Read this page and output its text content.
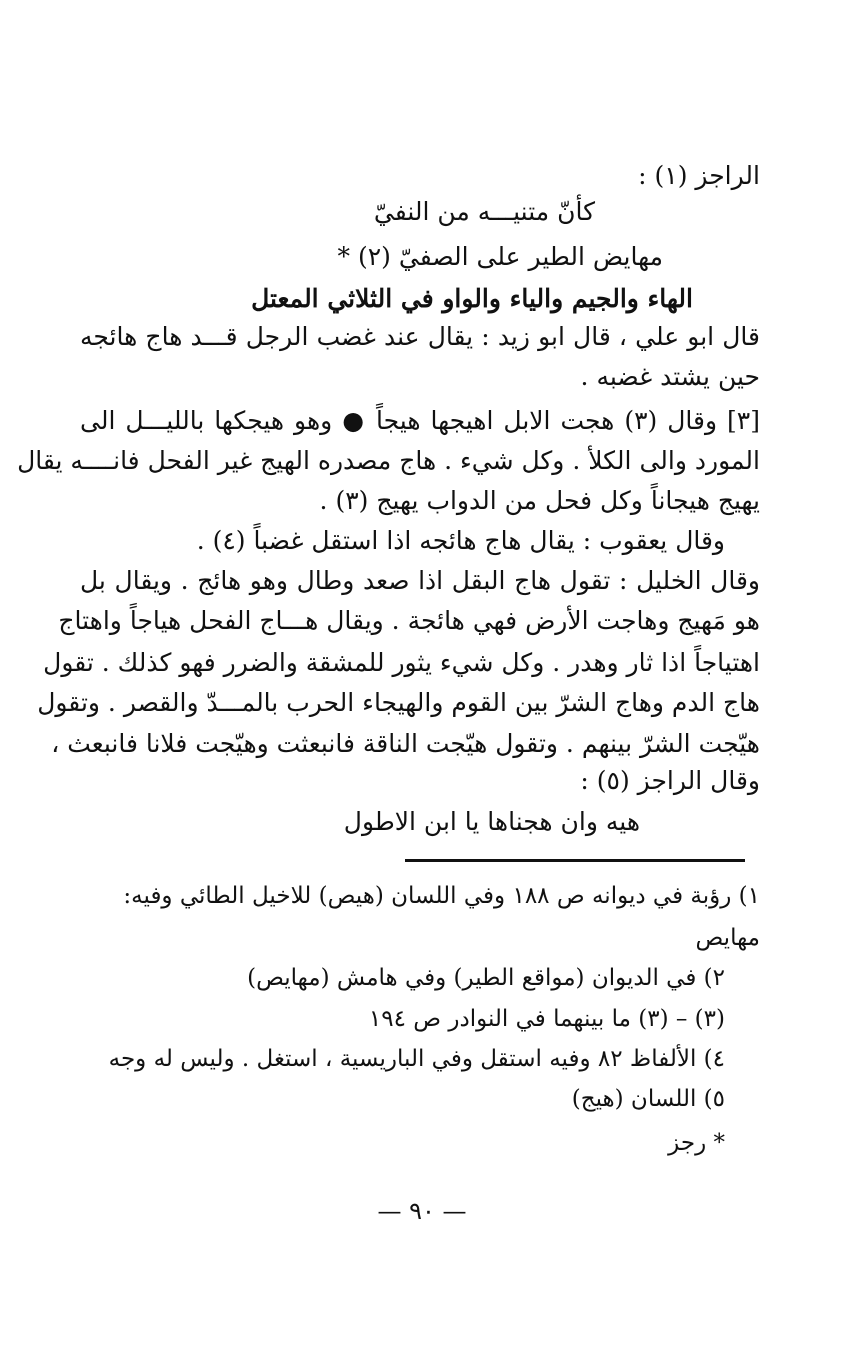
الراجز (١) :
كأنّ متنيـــه من النفيّ
مهايض الطير على الصفيّ (٢) *
الهاء والجيم والياء والواو في الثلاثي المعتل
قال ابو علي ، قال ابو زيد : يقال عند غضب الرجل قـــد هاج هائجه
حين يشتد غضبه .
[٣] وقال (٣) هجت الابل اهيجها هيجاً ● وهو هيجكها بالليـــل الى
المورد والى الكلأ . وكل شيء . هاج مصدره الهيج غير الفحل فانــــه يقال
يهيج هيجاناً وكل فحل من الدواب يهيج (٣) .
وقال يعقوب : يقال هاج هائجه اذا استقل غضباً (٤) .
وقال الخليل : تقول هاج البقل اذا صعد وطال وهو هائج . ويقال بل
هو مَهيج وهاجت الأرض فهي هائجة . ويقال هـــاج الفحل هياجاً واهتاج
اهتياجاً اذا ثار وهدر . وكل شيء يثور للمشقة والضرر فهو كذلك . تقول
هاج الدم وهاج الشرّ بين القوم والهيجاء الحرب بالمـــدّ والقصر . وتقول
هيّجت الشرّ بينهم . وتقول هيّجت الناقة فانبعثت وهيّجت فلانا فانبعث ،
وقال الراجز (٥) :
هيه وان هجناها يا ابن الاطول
١) رؤبة في ديوانه ص ١٨٨ وفي اللسان (هيص) للاخيل الطائي وفيه:
مهايص
٢) في الديوان (مواقع الطير) وفي هامش (مهايص)
(٣) – (٣) ما بينهما في النوادر ص ١٩٤
٤) الألفاظ ٨٢ وفيه استقل وفي الباريسية ، استغل . وليس له وجه
٥) اللسان (هيج)
* رجز
— ٩٠ —
